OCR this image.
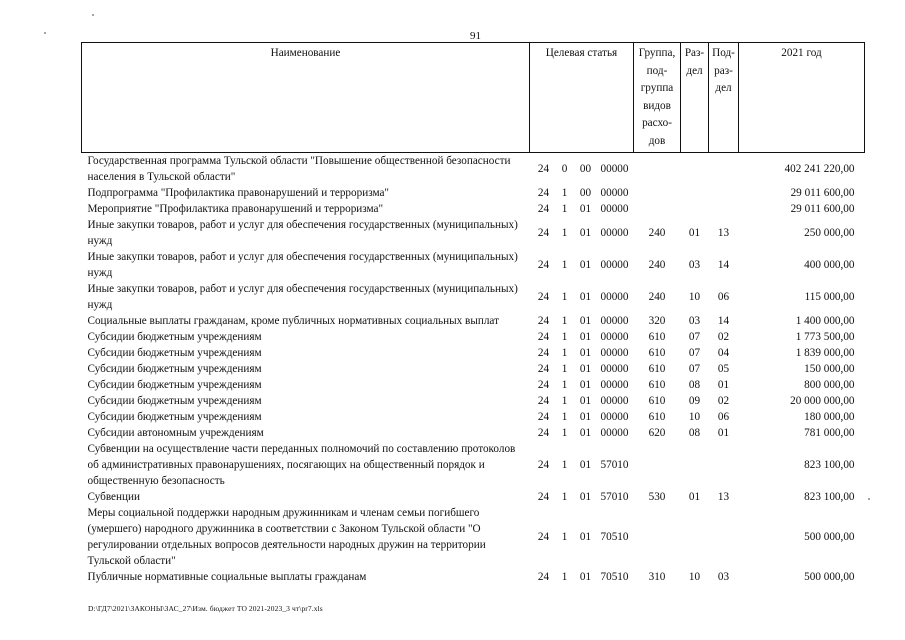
91
Наименование	Целевая статья	Группа, под- группа видов расхо- дов	Раз- дел	Под- раз- дел	2021 год
Государственная программа Тульской области "Повышение общественной безопасности населения в Тульской области"	24 0 00 00000				402 241 220,00
Подпрограмма "Профилактика правонарушений и терроризма"	24 1 00 00000				29 011 600,00
Мероприятие "Профилактика правонарушений и терроризма"	24 1 01 00000				29 011 600,00
Иные закупки товаров, работ и услуг для обеспечения государственных (муниципальных) нужд	24 1 01 00000	240	01	13	250 000,00
Иные закупки товаров, работ и услуг для обеспечения государственных (муниципальных) нужд	24 1 01 00000	240	03	14	400 000,00
Иные закупки товаров, работ и услуг для обеспечения государственных (муниципальных) нужд	24 1 01 00000	240	10	06	115 000,00
Социальные выплаты гражданам, кроме публичных нормативных социальных выплат	24 1 01 00000	320	03	14	1 400 000,00
Субсидии бюджетным учреждениям	24 1 01 00000	610	07	02	1 773 500,00
Субсидии бюджетным учреждениям	24 1 01 00000	610	07	04	1 839 000,00
Субсидии бюджетным учреждениям	24 1 01 00000	610	07	05	150 000,00
Субсидии бюджетным учреждениям	24 1 01 00000	610	08	01	800 000,00
Субсидии бюджетным учреждениям	24 1 01 00000	610	09	02	20 000 000,00
Субсидии бюджетным учреждениям	24 1 01 00000	610	10	06	180 000,00
Субсидии автономным учреждениям	24 1 01 00000	620	08	01	781 000,00
Субвенции на осуществление части переданных полномочий по составлению протоколов об административных правонарушениях, посягающих на общественный порядок и общественную безопасность	24 1 01 57010				823 100,00
Субвенции	24 1 01 57010	530	01	13	823 100,00
Меры социальной поддержки народным дружинникам и членам семьи погибшего (умершего) народного дружинника в соответствии с Законом Тульской области "О регулировании отдельных вопросов деятельности народных дружин на территории Тульской области"	24 1 01 70510				500 000,00
Публичные нормативные социальные выплаты гражданам	24 1 01 70510	310	10	03	500 000,00
D:\ГД7\2021\ЗАКОНЫ\ЗАС_27\Изм. бюджет ТО 2021-2023_3 чт\pr7.xls
